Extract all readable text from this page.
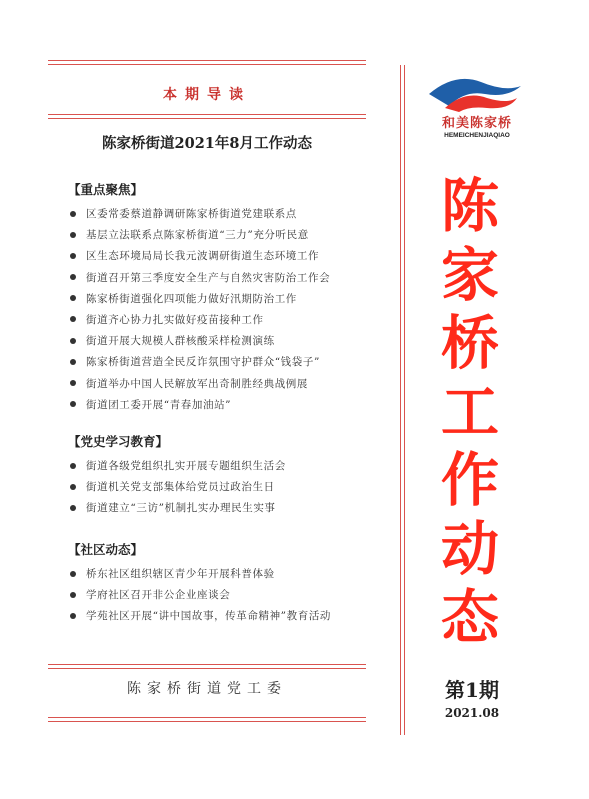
本期导读
陈家桥街道2021年8月工作动态
【重点聚焦】
区委常委蔡道静调研陈家桥街道党建联系点
基层立法联系点陈家桥街道“三力”充分听民意
区生态环境局局长我元波调研街道生态环境工作
街道召开第三季度安全生产与自然灾害防治工作会
陈家桥街道强化四项能力做好汛期防治工作
街道齐心协力扎实做好疫苗接种工作
街道开展大规模人群核酸采样检测演练
陈家桥街道营造全民反诈氛围守护群众“钱袋子”
街道举办中国人民解放军出奇制胜经典战例展
街道团工委开展“青春加油站”
【党史学习教育】
街道各级党组织扎实开展专题组织生活会
街道机关党支部集体给党员过政治生日
街道建立“三访”机制扎实办理民生实事
【社区动态】
桥东社区组织辖区青少年开展科普体验
学府社区召开非公企业座谈会
学苑社区开展“讲中国故事，传革命精神”教育活动
陈家桥街道党工委
和美陈家桥
HEMEICHENJIAQIAO
陈
家
桥
工
作
动
态
第1期
2021.08
